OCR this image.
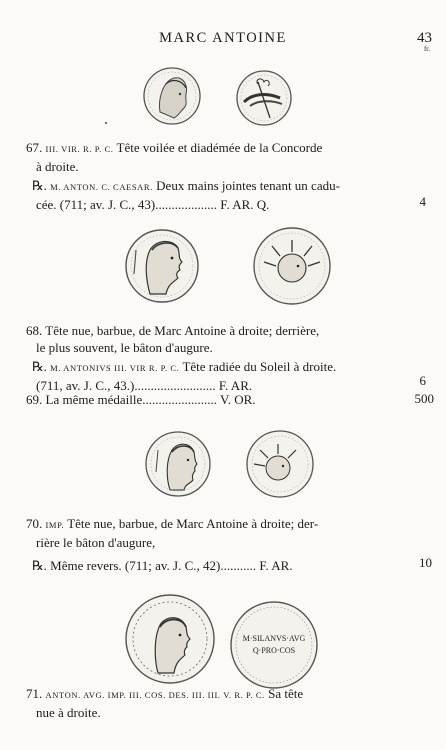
MARC ANTOINE	43
fr.
67. III. VIR. R. P. C. Tête voilée et diadémée de la Concorde
à droite.
℞. M. ANTON. C. CAESAR. Deux mains jointes tenant un cadu-
cée. (711; av. J. C., 43)................... F. AR. Q.	4
68. Tête nue, barbue, de Marc Antoine à droite; derrière,
le plus souvent, le bâton d'augure.
℞. M. ANTONIVS III. VIR R. P. C. Tête radiée du Soleil à droite.
(711, av. J. C., 43.)......................... F. AR.	6
69. La même médaille....................... V. OR.	500
70. IMP. Tête nue, barbue, de Marc Antoine à droite; der-
rière le bâton d'augure,
℞. Même revers. (711; av. J. C., 42)........... F. AR.	10
M·SILANVS·AVG
Q·PRO·COS
71. ANTON. AVG. IMP. III. COS. DES. III. III. V. R. P. C. Sa tête
nue à droite.
